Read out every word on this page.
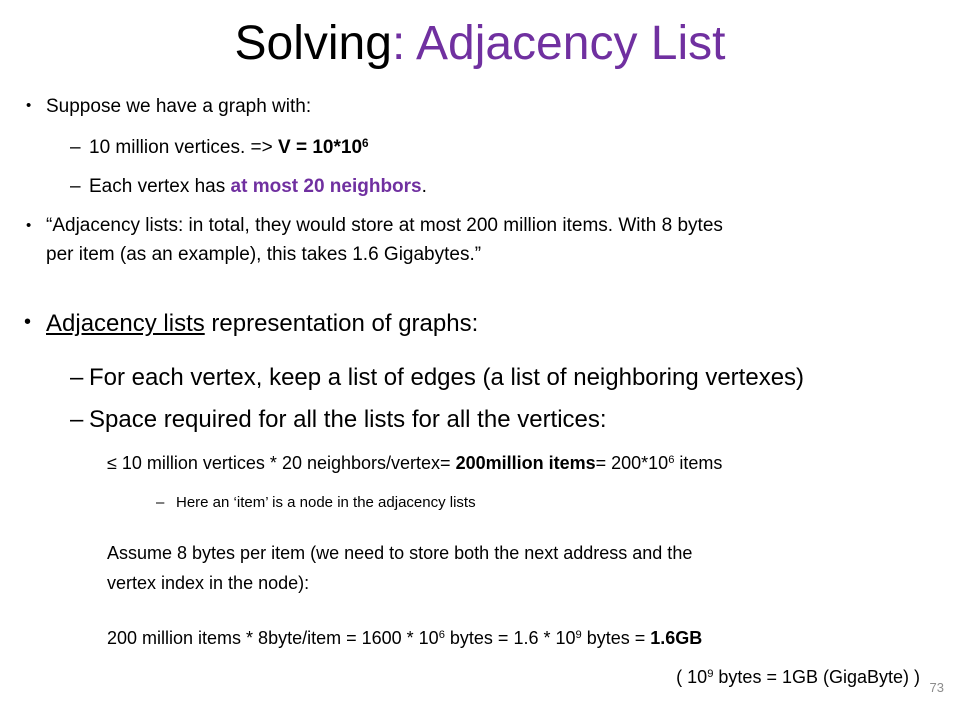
Solving: Adjacency List
• Suppose we have a graph with:
– 10 million vertices. => $V = 10*10^6$
– Each vertex has at most 20 neighbors.
• “Adjacency lists: in total, they would store at most 200 million items. With 8 bytes
per item (as an example), this takes 1.6 Gigabytes.”
• Adjacency lists representation of graphs:
– For each vertex, keep a list of edges (a list of neighboring vertexes)
– Space required for all the lists for all the vertices:
≤ 10 million vertices * 20 neighbors/vertex= 200million items= $200*10^6$ items
– Here an ‘item’ is a node in the adjacency lists
Assume 8 bytes per item (we need to store both the next address and the
vertex index in the node):
200 million items * 8byte/item = $1600 * 10^6$ bytes = $1.6 * 10^9$ bytes = 1.6GB
( $10^9$ bytes = 1GB (GigaByte) )
73
